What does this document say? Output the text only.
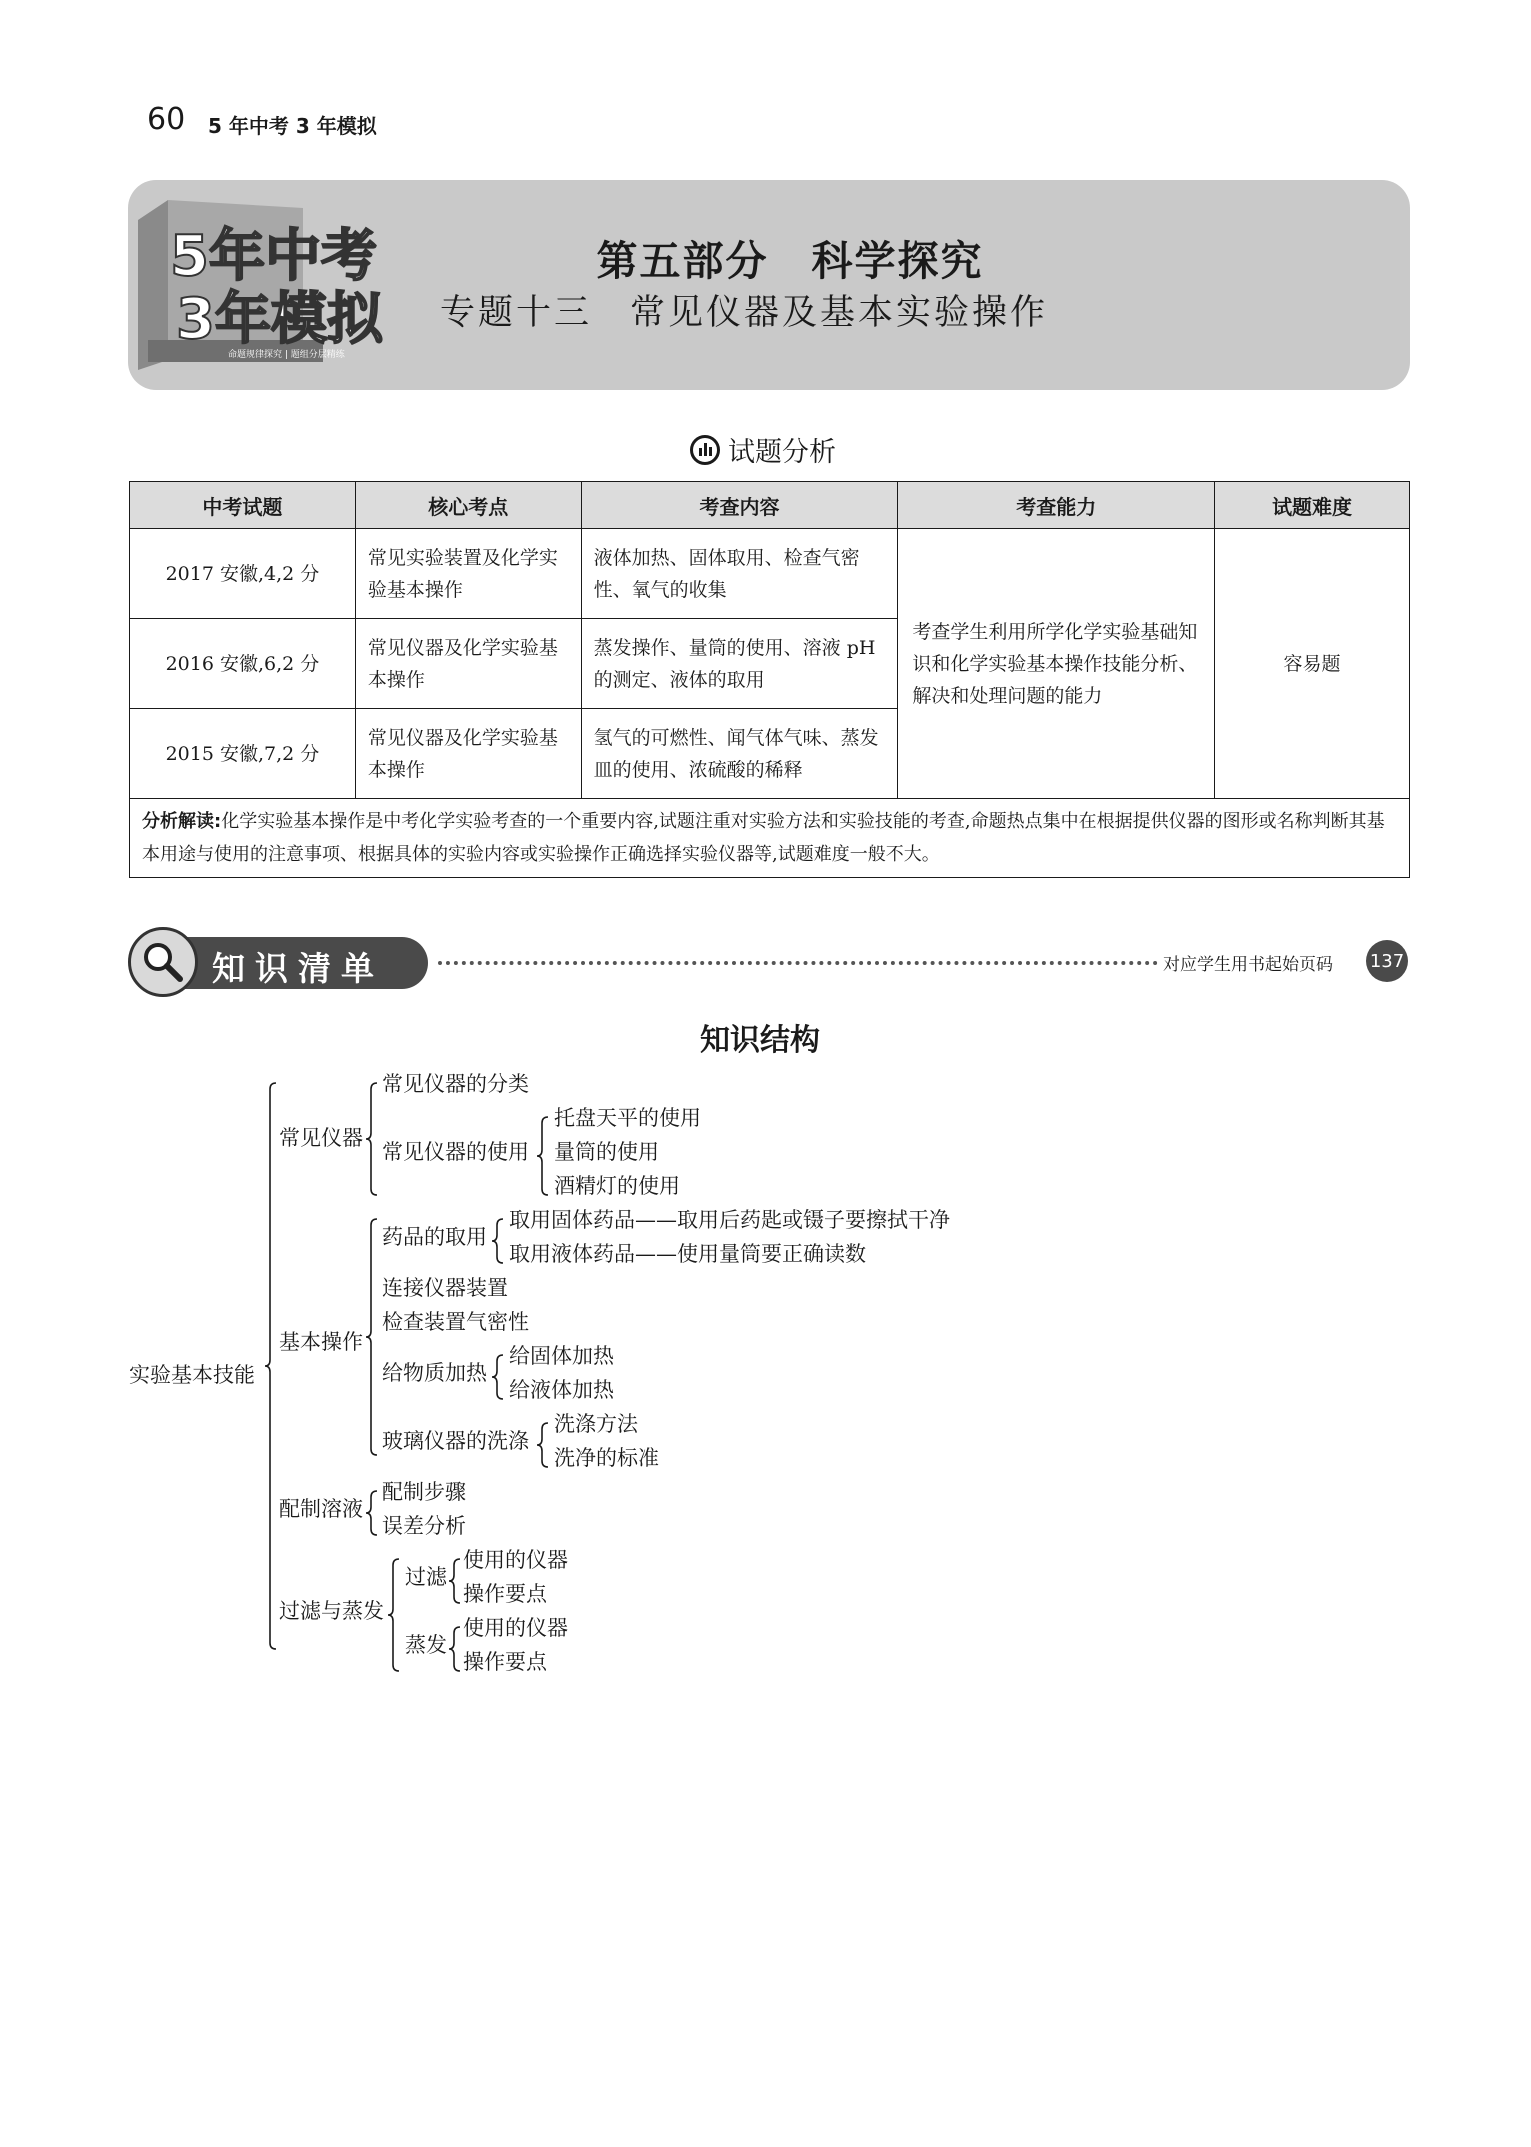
60 5 年中考 3 年模拟
5年中考
3年模拟
命题规律探究 | 题组分层精练
第五部分　科学探究
专题十三　常见仪器及基本实验操作
试题分析
中考试题	核心考点	考查内容	考查能力	试题难度
2017 安徽,4,2 分	常见实验装置及化学实验基本操作	液体加热、固体取用、检查气密性、氧气的收集	考查学生利用所学化学实验基础知识和化学实验基本操作技能分析、解决和处理问题的能力	容易题
2016 安徽,6,2 分	常见仪器及化学实验基本操作	蒸发操作、量筒的使用、溶液 pH 的测定、液体的取用		
2015 安徽,7,2 分	常见仪器及化学实验基本操作	氢气的可燃性、闻气体气味、蒸发皿的使用、浓硫酸的稀释		
分析解读:化学实验基本操作是中考化学实验考查的一个重要内容,试题注重对实验方法和实验技能的考查,命题热点集中在根据提供仪器的图形或名称判断其基本用途与使用的注意事项、根据具体的实验内容或实验操作正确选择实验仪器等,试题难度一般不大。				
知识清单	对应学生用书起始页码 137
知识结构
实验基本技能
常见仪器
常见仪器的分类
常见仪器的使用
托盘天平的使用
量筒的使用
酒精灯的使用
基本操作
药品的取用
取用固体药品——取用后药匙或镊子要擦拭干净
取用液体药品——使用量筒要正确读数
连接仪器装置
检查装置气密性
给物质加热
给固体加热
给液体加热
玻璃仪器的洗涤
洗涤方法
洗净的标准
配制溶液
配制步骤
误差分析
过滤与蒸发
过滤
使用的仪器
操作要点
蒸发
使用的仪器
操作要点
